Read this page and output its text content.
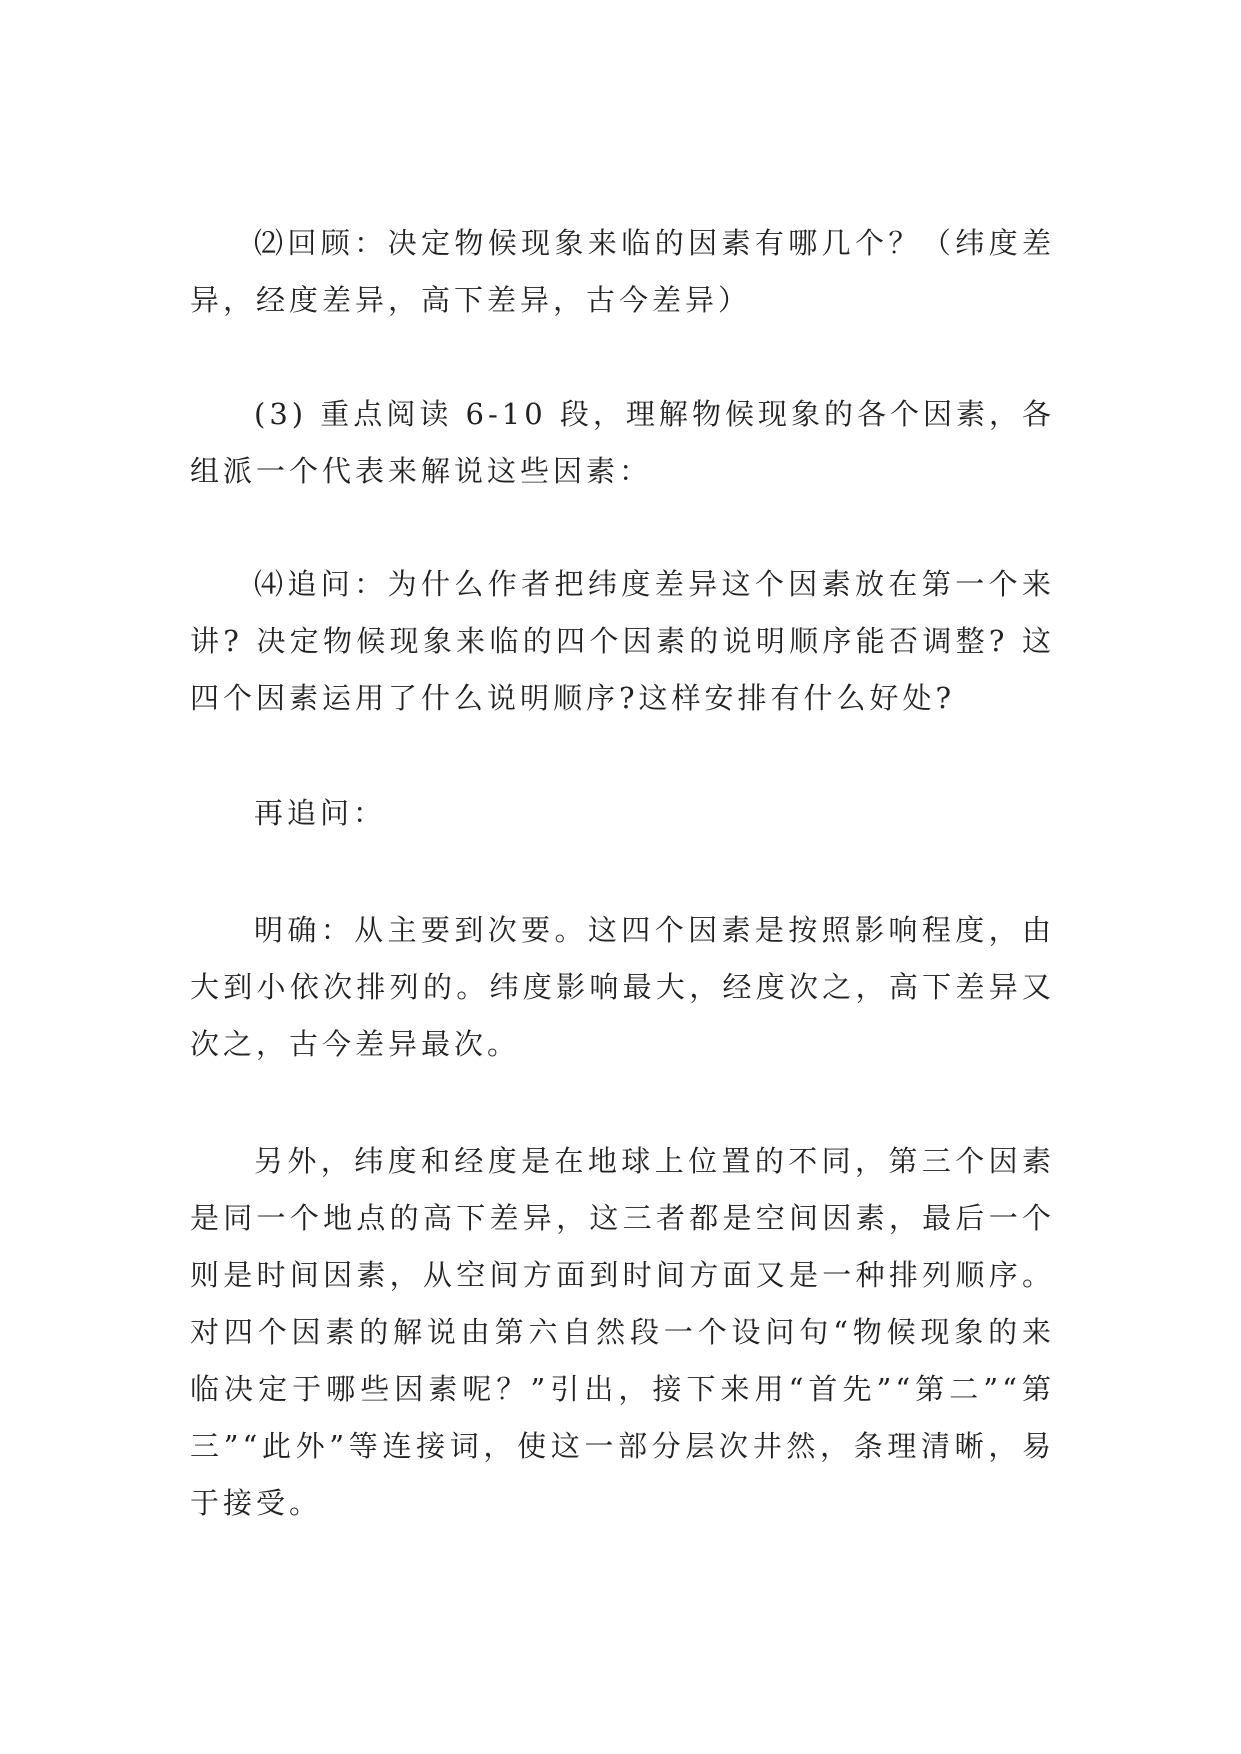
⑵回顾：决定物候现象来临的因素有哪几个？（纬度差异，经度差异，高下差异，古今差异）

(3) 重点阅读 6-10 段，理解物候现象的各个因素，各组派一个代表来解说这些因素：

⑷追问：为什么作者把纬度差异这个因素放在第一个来讲? 决定物候现象来临的四个因素的说明顺序能否调整? 这四个因素运用了什么说明顺序?这样安排有什么好处?

再追问：

明确：从主要到次要。这四个因素是按照影响程度，由大到小依次排列的。纬度影响最大，经度次之，高下差异又次之，古今差异最次。

另外，纬度和经度是在地球上位置的不同，第三个因素是同一个地点的高下差异，这三者都是空间因素，最后一个则是时间因素，从空间方面到时间方面又是一种排列顺序。对四个因素的解说由第六自然段一个设问句“物候现象的来临决定于哪些因素呢？”引出，接下来用“首先”“第二”“第三”“此外”等连接词，使这一部分层次井然，条理清晰，易于接受。
